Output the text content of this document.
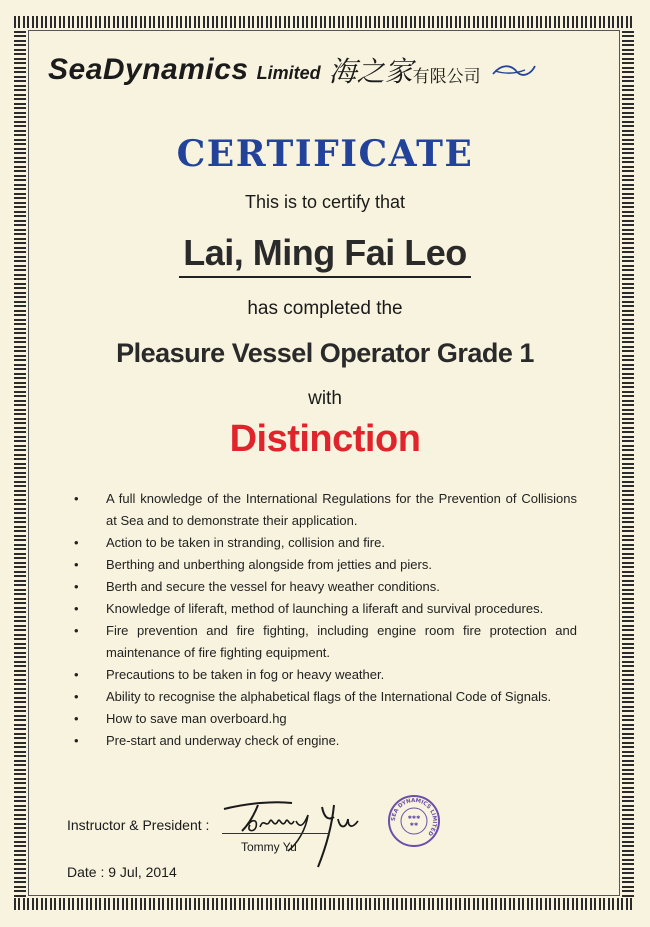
SeaDynamics Limited 海之家 有限公司
CERTIFICATE
This is to certify that
Lai, Ming Fai Leo
has completed the
Pleasure Vessel Operator Grade 1
with
Distinction
• A full knowledge of the International Regulations for the Prevention of Collisions at Sea and to demonstrate their application.
• Action to be taken in stranding, collision and fire.
• Berthing and unberthing alongside from jetties and piers.
• Berth and secure the vessel for heavy weather conditions.
• Knowledge of liferaft, method of launching a liferaft and survival procedures.
• Fire prevention and fire fighting, including engine room fire protection and maintenance of fire fighting equipment.
• Precautions to be taken in fog or heavy weather.
• Ability to recognise the alphabetical flags of the International Code of Signals.
• How to save man overboard.hg
• Pre-start and underway check of engine.
Instructor & President :
Tommy Yu
Date : 9 Jul, 2014
SEA DYNAMICS LIMITED
✱✱✱
✱✱
